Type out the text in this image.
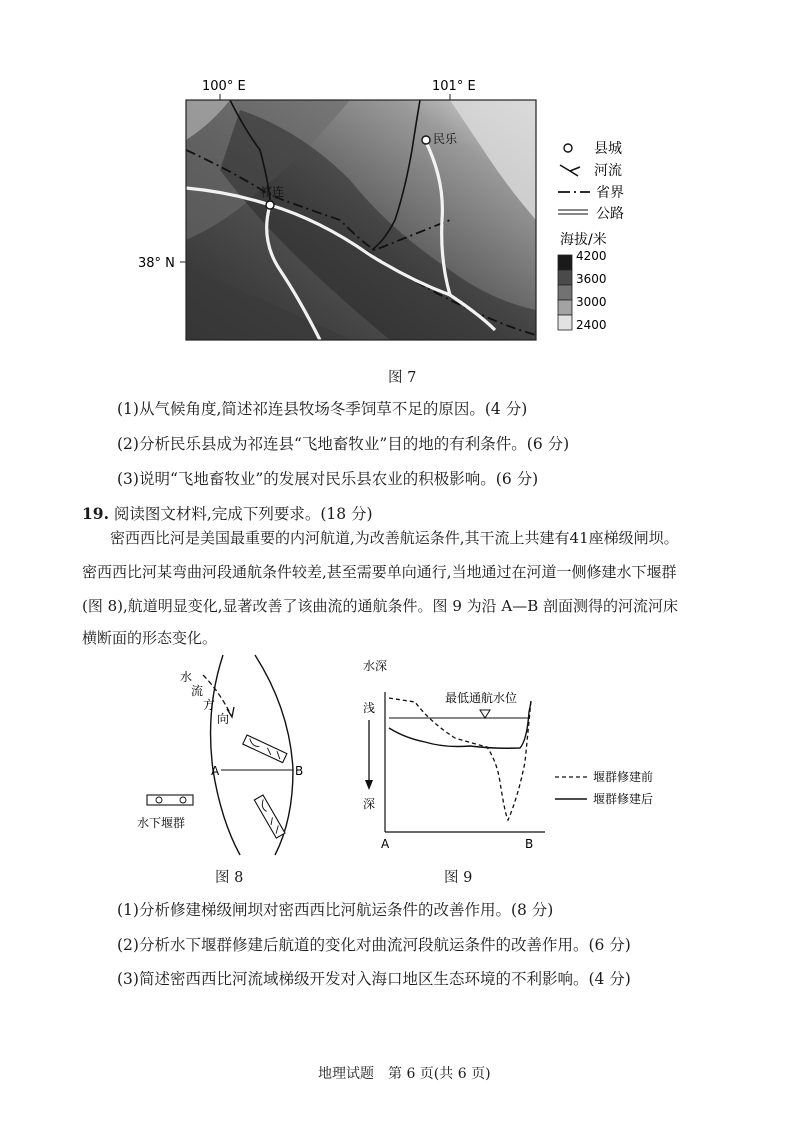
100° E	101° E
38° N
民乐
祁连
县城
河流
省界
公路
海拔/米
4200
3600
3000
2400
图 7
(1)从气候角度,简述祁连县牧场冬季饲草不足的原因。(4 分)
(2)分析民乐县成为祁连县“飞地畜牧业”目的地的有利条件。(6 分)
(3)说明“飞地畜牧业”的发展对民乐县农业的积极影响。(6 分)
19. 阅读图文材料,完成下列要求。(18 分)
密西西比河是美国最重要的内河航道,为改善航运条件,其干流上共建有41座梯级闸坝。
密西西比河某弯曲河段通航条件较差,甚至需要单向通行,当地通过在河道一侧修建水下堰群
(图 8),航道明显变化,显著改善了该曲流的通航条件。图 9 为沿 A—B 剖面测得的河流河床
横断面的形态变化。
水
流
方
向
A	B
水下堰群
图 8
水深
浅
深
最低通航水位
A	B
堰群修建前
堰群修建后
图 9
(1)分析修建梯级闸坝对密西西比河航运条件的改善作用。(8 分)
(2)分析水下堰群修建后航道的变化对曲流河段航运条件的改善作用。(6 分)
(3)简述密西西比河流域梯级开发对入海口地区生态环境的不利影响。(4 分)
地理试题　第 6 页(共 6 页)
